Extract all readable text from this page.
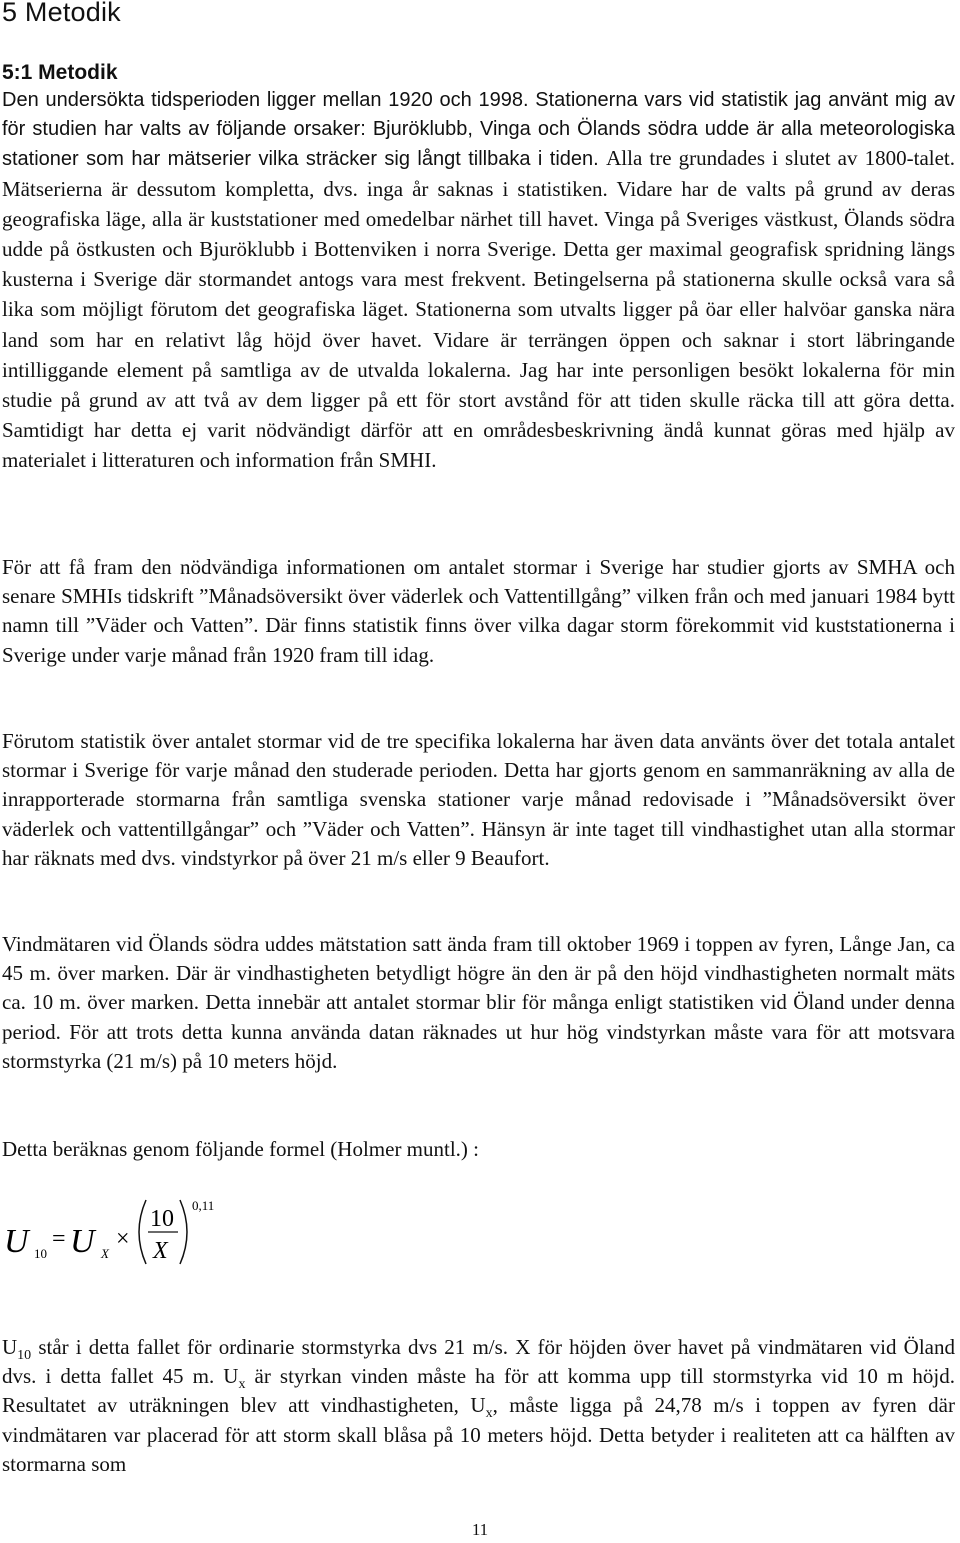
5 Metodik
5:1 Metodik

Den undersökta tidsperioden ligger mellan 1920 och 1998. Stationerna vars vid statistik jag använt mig av för studien har valts av följande orsaker: Bjuröklubb, Vinga och Ölands södra udde är alla meteorologiska stationer som har mätserier vilka sträcker sig långt tillbaka i tiden. Alla tre grundades i slutet av 1800-talet. Mätserierna är dessutom kompletta, dvs. inga år saknas i statistiken. Vidare har de valts på grund av deras geografiska läge, alla är kuststationer med omedelbar närhet till havet. Vinga på Sveriges västkust, Ölands södra udde på östkusten och Bjuröklubb i Bottenviken i norra Sverige. Detta ger maximal geografisk spridning längs kusterna i Sverige där stormandet antogs vara mest frekvent. Betingelserna på stationerna skulle också vara så lika som möjligt förutom det geografiska läget. Stationerna som utvalts ligger på öar eller halvöar ganska nära land som har en relativt låg höjd över havet. Vidare är terrängen öppen och saknar i stort läbringande intilliggande element på samtliga av de utvalda lokalerna. Jag har inte personligen besökt lokalerna för min studie på grund av att två av dem ligger på ett för stort avstånd för att tiden skulle räcka till att göra detta. Samtidigt har detta ej varit nödvändigt därför att en områdesbeskrivning ändå kunnat göras med hjälp av materialet i litteraturen och information från SMHI.

För att få fram den nödvändiga informationen om antalet stormar i Sverige har studier gjorts av SMHA och senare SMHIs tidskrift ”Månadsöversikt över väderlek och Vattentillgång” vilken från och med januari 1984 bytt namn till ”Väder och Vatten”. Där finns statistik finns över vilka dagar storm förekommit vid kuststationerna i Sverige under varje månad från 1920 fram till idag.

Förutom statistik över antalet stormar vid de tre specifika lokalerna har även data använts över det totala antalet stormar i Sverige för varje månad den studerade perioden. Detta har gjorts genom en sammanräkning av alla de inrapporterade stormarna från samtliga svenska stationer varje månad redovisade i ”Månadsöversikt över väderlek och vattentillgångar” och ”Väder och Vatten”. Hänsyn är inte taget till vindhastighet utan alla stormar har räknats med dvs. vindstyrkor på över 21 m/s eller 9 Beaufort.

Vindmätaren vid Ölands södra uddes mätstation satt ända fram till oktober 1969 i toppen av fyren, Långe Jan, ca 45 m. över marken. Där är vindhastigheten betydligt högre än den är på den höjd vindhastigheten normalt mäts ca. 10 m. över marken. Detta innebär att antalet stormar blir för många enligt statistiken vid Öland under denna period. För att trots detta kunna använda datan räknades ut hur hög vindstyrkan måste vara för att motsvara stormstyrka (21 m/s) på 10 meters höjd.

Detta beräknas genom följande formel (Holmer muntl.) :

U 10
= U X
×
10
X
0,11

$U_{10}$ står i detta fallet för ordinarie stormstyrka dvs 21 m/s. X för höjden över havet på vindmätaren vid Öland dvs. i detta fallet 45 m. $U_x$ är styrkan vinden måste ha för att komma upp till stormstyrka vid 10 m höjd. Resultatet av uträkningen blev att vindhastigheten, $U_x$, måste ligga på 24,78 m/s i toppen av fyren där vindmätaren var placerad för att storm skall blåsa på 10 meters höjd. Detta betyder i realiteten att ca hälften av stormarna som

11
